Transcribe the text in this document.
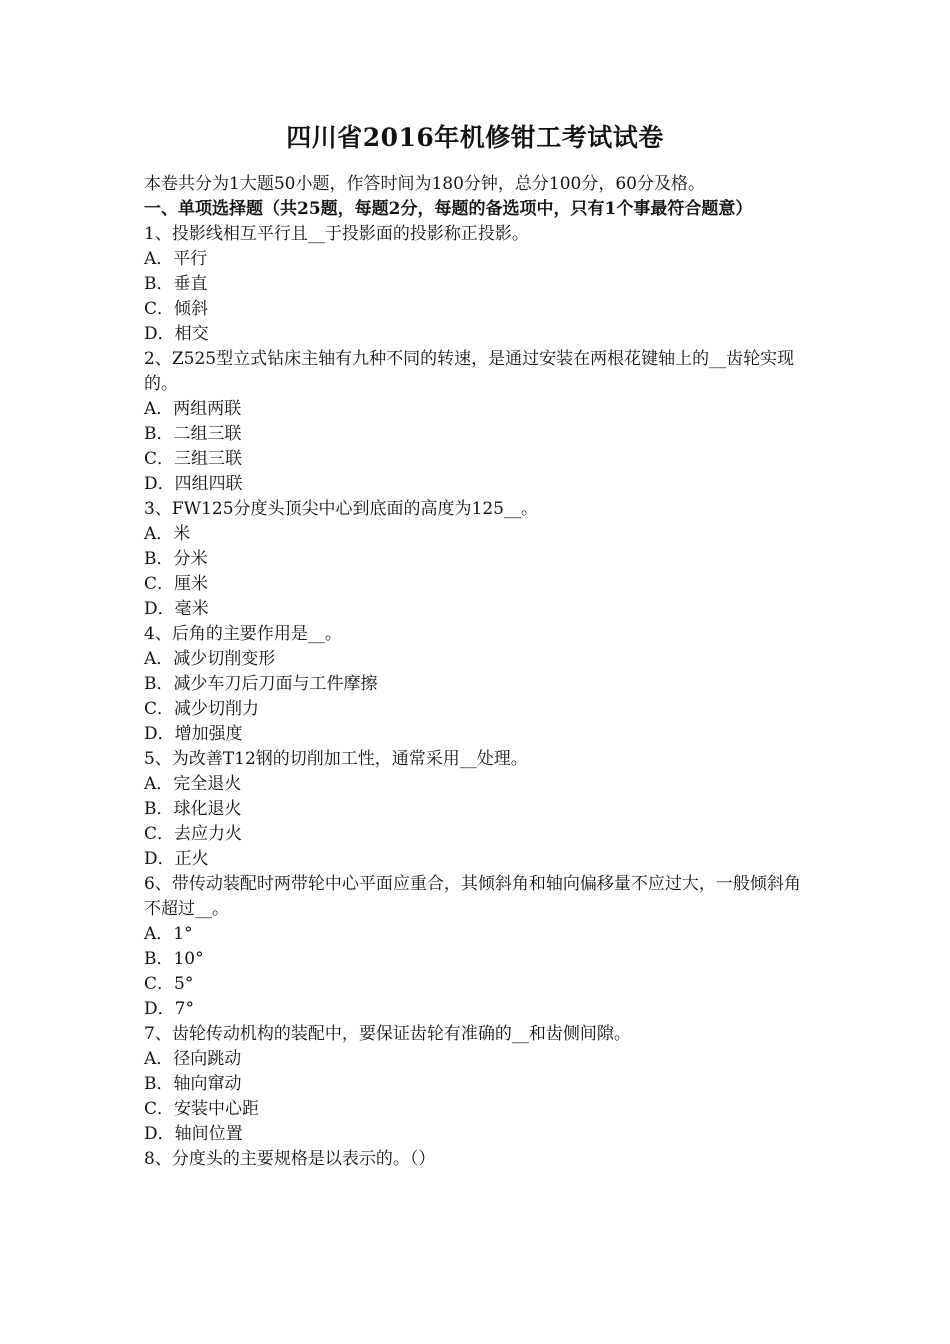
四川省2016年机修钳工考试试卷

本卷共分为1大题50小题，作答时间为180分钟，总分100分，60分及格。

一、单项选择题（共25题，每题2分，每题的备选项中，只有1个事最符合题意）

1、投影线相互平行且__于投影面的投影称正投影。

A．平行

B．垂直

C．倾斜

D．相交

2、Z525型立式钻床主轴有九种不同的转速，是通过安装在两根花键轴上的__齿轮实现的。

A．两组两联

B．二组三联

C．三组三联

D．四组四联

3、FW125分度头顶尖中心到底面的高度为125__。

A．米

B．分米

C．厘米

D．毫米

4、后角的主要作用是__。

A．减少切削变形

B．减少车刀后刀面与工件摩擦

C．减少切削力

D．增加强度

5、为改善T12钢的切削加工性，通常采用__处理。

A．完全退火

B．球化退火

C．去应力火

D．正火

6、带传动装配时两带轮中心平面应重合，其倾斜角和轴向偏移量不应过大，一般倾斜角不超过__。

A．1°

B．10°

C．5°

D．7°

7、齿轮传动机构的装配中，要保证齿轮有准确的__和齿侧间隙。

A．径向跳动

B．轴向窜动

C．安装中心距

D．轴间位置

8、分度头的主要规格是以表示的。（）
